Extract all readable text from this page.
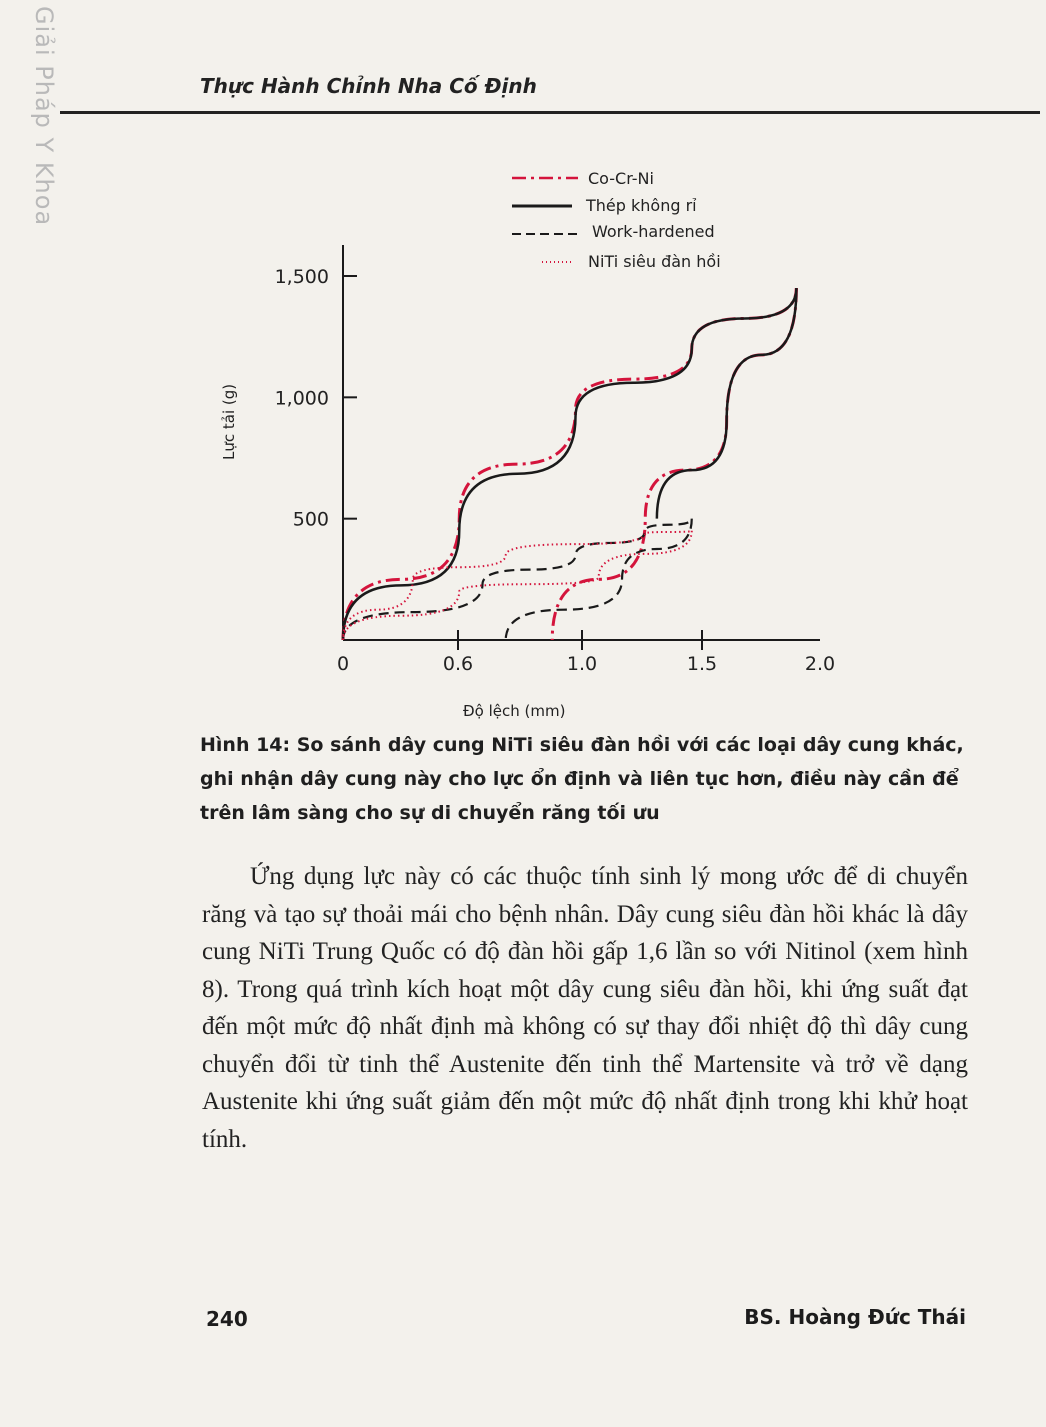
Giải Pháp Y Khoa	Thực Hành Chỉnh Nha Cố Định
Co-Cr-Ni
Thép không rỉ
Work-hardened
NiTi siêu đàn hồi
1,500
1,000
500
0	0.6	1.0	1.5	2.0
Lực tải (g)
Độ lệch (mm)
Hình 14: So sánh dây cung NiTi siêu đàn hồi với các loại dây cung khác, ghi nhận dây cung này cho lực ổn định và liên tục hơn, điều này cần để trên lâm sàng cho sự di chuyển răng tối ưu
Ứng dụng lực này có các thuộc tính sinh lý mong ước để di chuyển răng và tạo sự thoải mái cho bệnh nhân. Dây cung siêu đàn hồi khác là dây cung NiTi Trung Quốc có độ đàn hồi gấp 1,6 lần so với Nitinol (xem hình 8). Trong quá trình kích hoạt một dây cung siêu đàn hồi, khi ứng suất đạt đến một mức độ nhất định mà không có sự thay đổi nhiệt độ thì dây cung chuyển đổi từ tinh thể Austenite đến tinh thể Martensite và trở về dạng Austenite khi ứng suất giảm đến một mức độ nhất định trong khi khử hoạt tính.
240	BS. Hoàng Đức Thái
